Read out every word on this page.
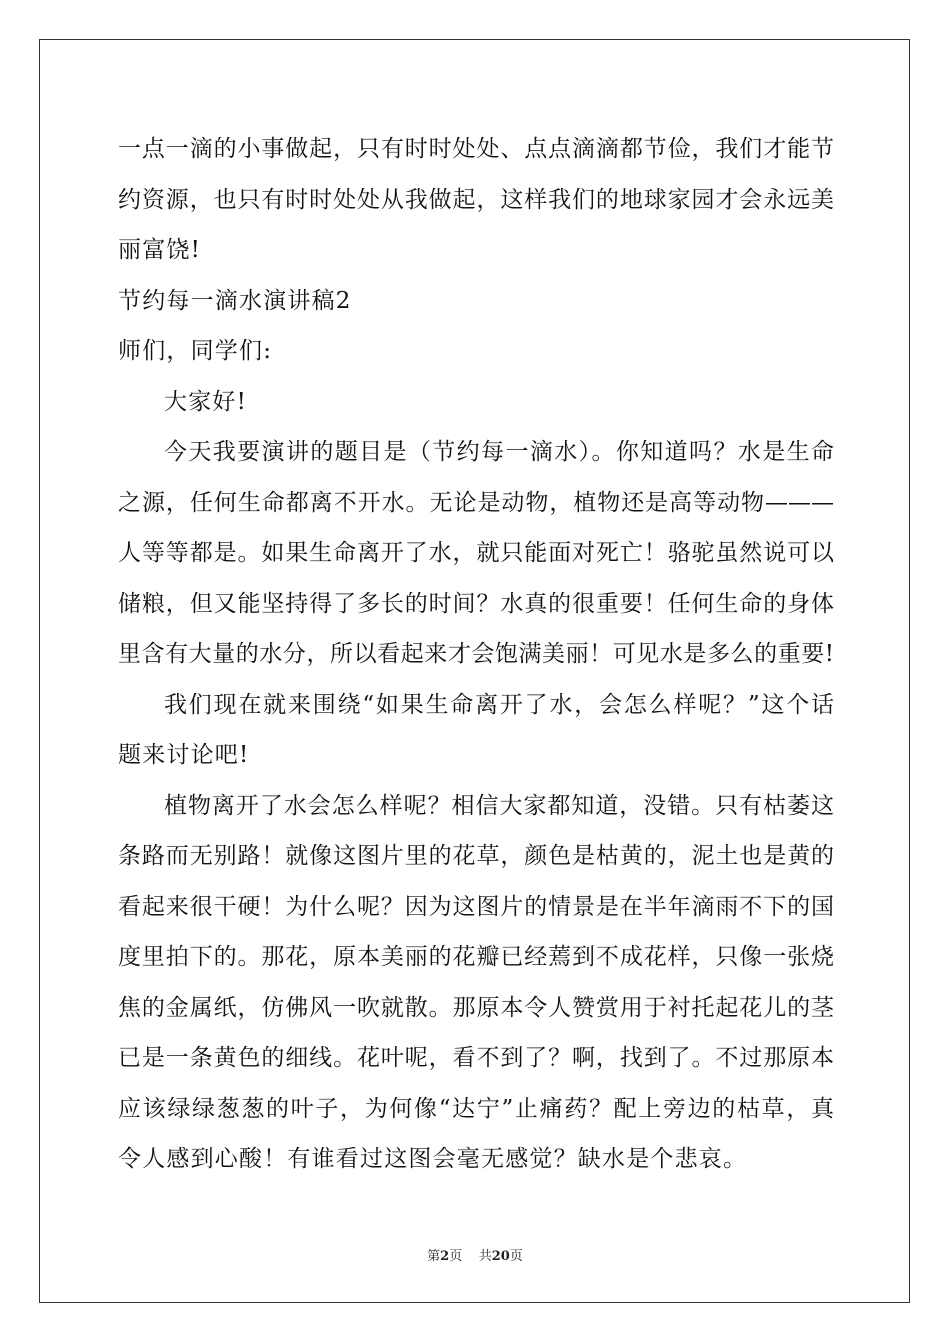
一点一滴的小事做起，只有时时处处、点点滴滴都节俭，我们才能节
约资源，也只有时时处处从我做起，这样我们的地球家园才会永远美
丽富饶!
节约每一滴水演讲稿2
师们，同学们:
大家好!
今天我要演讲的题目是（节约每一滴水）。你知道吗？水是生命
之源，任何生命都离不开水。无论是动物，植物还是高等动物———
人等等都是。如果生命离开了水，就只能面对死亡！骆驼虽然说可以
储粮，但又能坚持得了多长的时间？水真的很重要！任何生命的身体
里含有大量的水分，所以看起来才会饱满美丽！可见水是多么的重要!
我们现在就来围绕“如果生命离开了水，会怎么样呢？”这个话
题来讨论吧!
植物离开了水会怎么样呢？相信大家都知道，没错。只有枯萎这
条路而无别路！就像这图片里的花草，颜色是枯黄的，泥土也是黄的
看起来很干硬！为什么呢？因为这图片的情景是在半年滴雨不下的国
度里拍下的。那花，原本美丽的花瓣已经蔫到不成花样，只像一张烧
焦的金属纸，仿佛风一吹就散。那原本令人赞赏用于衬托起花儿的茎
已是一条黄色的细线。花叶呢，看不到了？啊，找到了。不过那原本
应该绿绿葱葱的叶子，为何像“达宁”止痛药？配上旁边的枯草，真
令人感到心酸！有谁看过这图会毫无感觉？缺水是个悲哀。
第2页 共20页
